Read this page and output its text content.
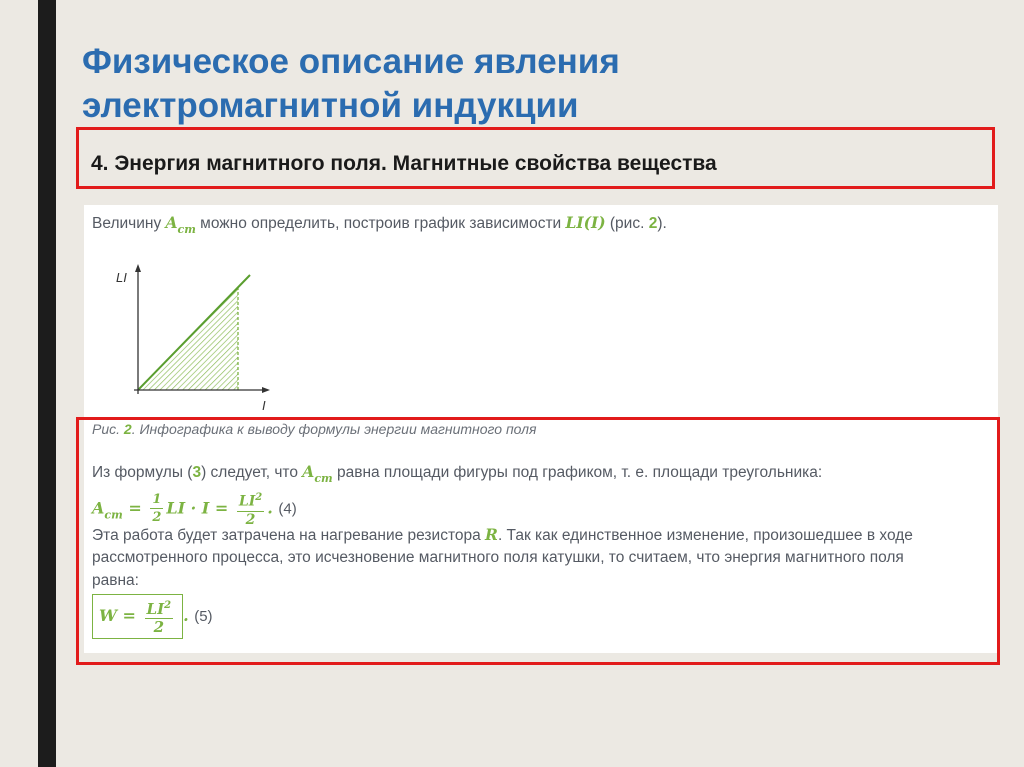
Физическое описание явления
электромагнитной индукции
4. Энергия магнитного поля. Магнитные свойства вещества
Величину $A_{cm}$ можно определить, построив график зависимости LI(I) (рис. 2).
LI
I
Рис. 2. Инфографика к выводу формулы энергии магнитного поля
Из формулы (3) следует, что $A_{cm}$ равна площади фигуры под графиком, т. е. площади треугольника:
$A_{cm} = \frac{1}{2}$ LI · $I = \frac{LI^2}{2}$ . (4)
Эта работа будет затрачена на нагревание резистора R. Так как единственное изменение, произошедшее в ходе
рассмотренного процесса, это исчезновение магнитного поля катушки, то считаем, что энергия магнитного поля
равна:
$W = \frac{LI^2}{2}$ . (5)
